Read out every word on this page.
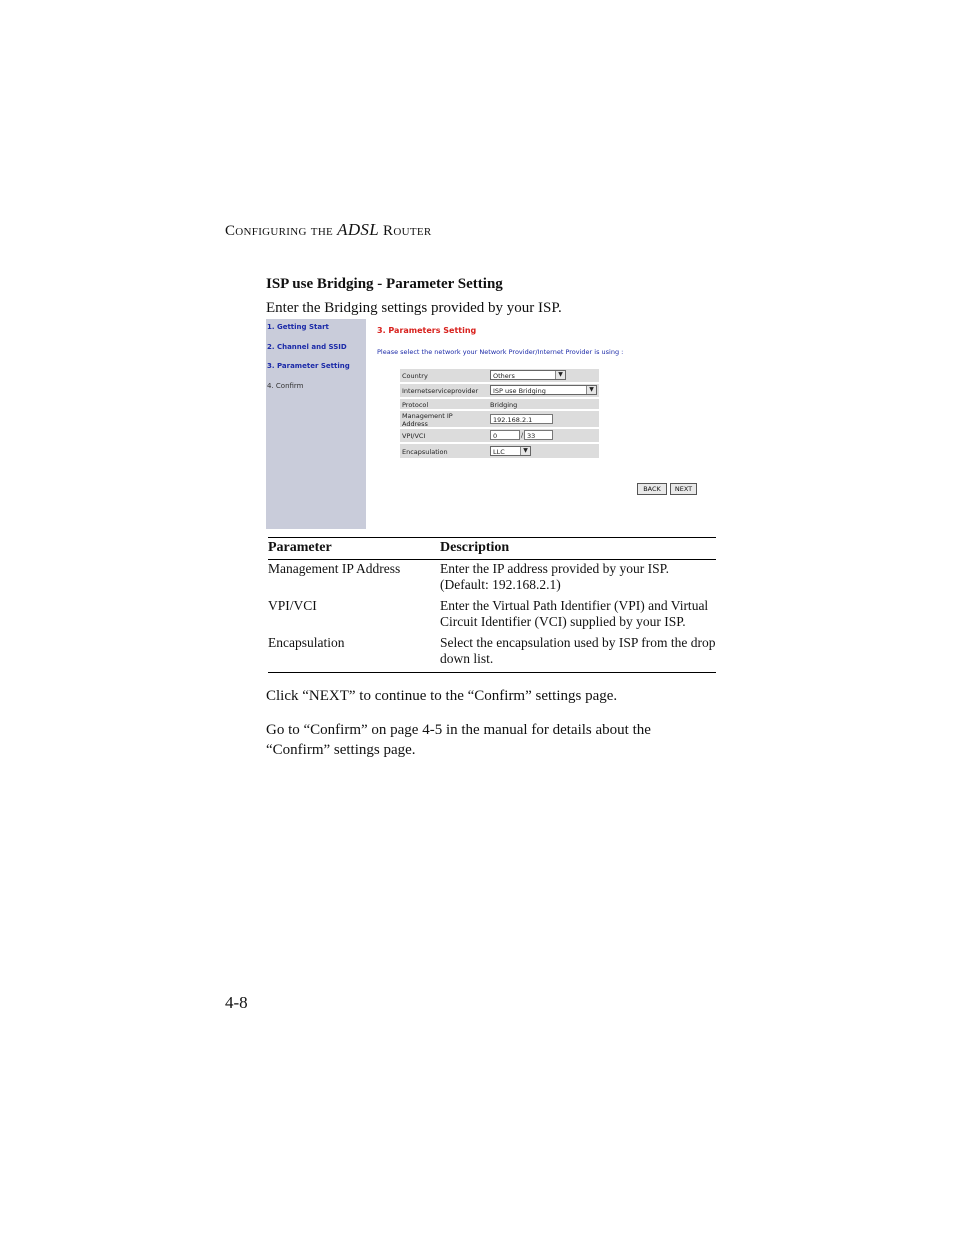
Configuring the ADSL Router
ISP use Bridging - Parameter Setting
Enter the Bridging settings provided by your ISP.
1. Getting Start
2. Channel and SSID
3. Parameter Setting
4. Confirm
3. Parameters Setting
Please select the network your Network Provider/Internet Provider is using :
Country	Others	▼
Internetserviceprovider	ISP use Bridging	▼
Protocol	Bridging
Management IP
Address	192.168.2.1
VPI/VCI	0	/ 33
Encapsulation	LLC	▼
BACK	NEXT
Parameter	Description
Management IP Address	Enter the IP address provided by your ISP.
(Default: 192.168.2.1)
VPI/VCI	Enter the Virtual Path Identifier (VPI) and Virtual
Circuit Identifier (VCI) supplied by your ISP.
Encapsulation	Select the encapsulation used by ISP from the drop
down list.
Click “NEXT” to continue to the “Confirm” settings page.
Go to “Confirm” on page 4-5 in the manual for details about the
“Confirm” settings page.
4-8
